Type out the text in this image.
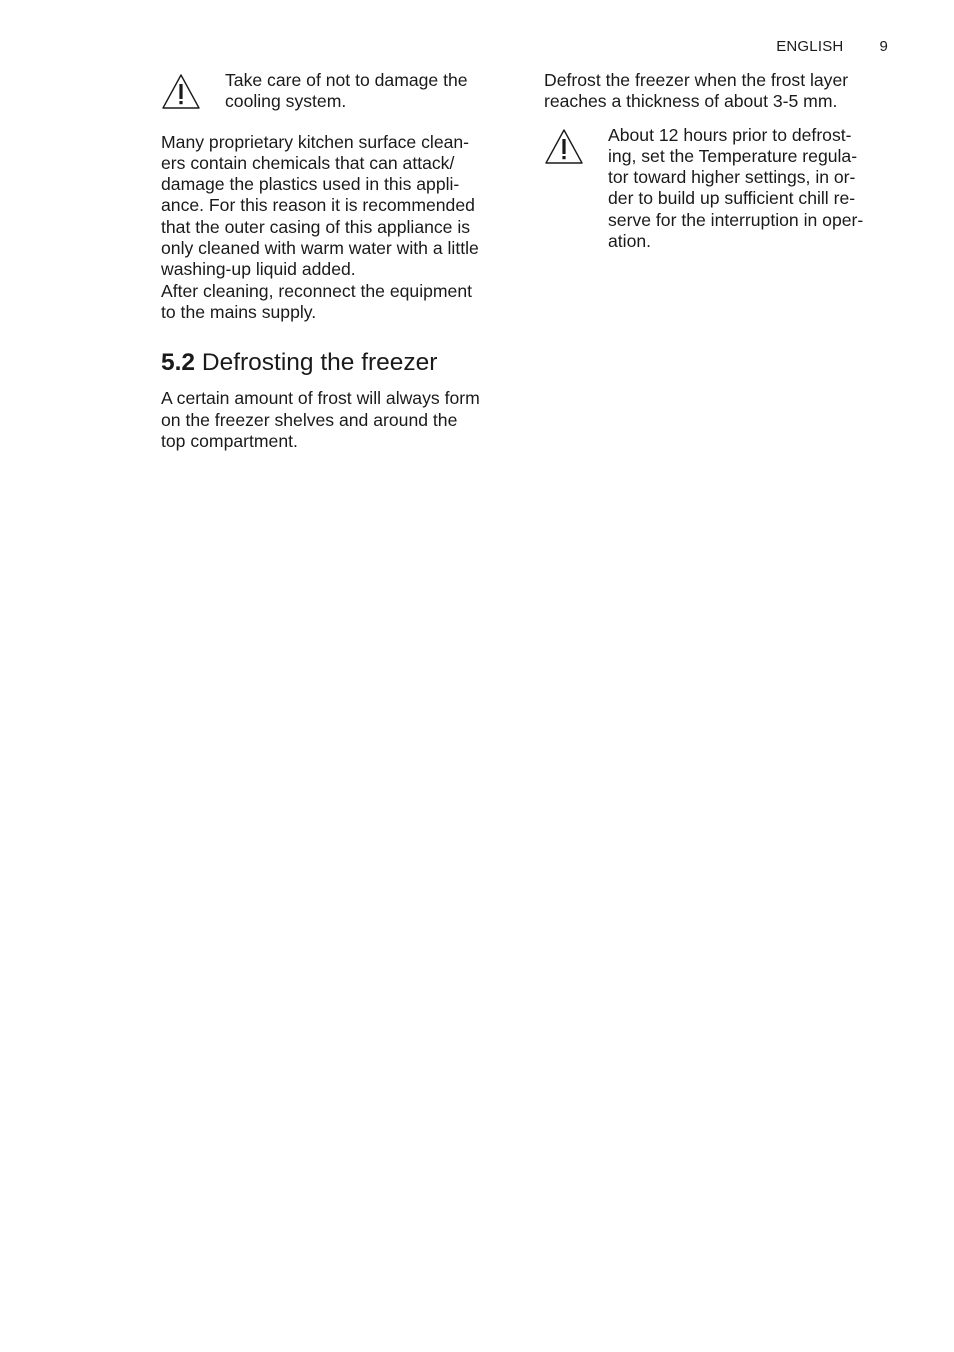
ENGLISH 9

Take care of not to damage the cooling system.

Many proprietary kitchen surface clean-
ers contain chemicals that can attack/
damage the plastics used in this appli-
ance. For this reason it is recommended
that the outer casing of this appliance is
only cleaned with warm water with a little
washing-up liquid added.
After cleaning, reconnect the equipment
to the mains supply.
5.2 Defrosting the freezer
A certain amount of frost will always form
on the freezer shelves and around the
top compartment.
Defrost the freezer when the frost layer
reaches a thickness of about 3-5 mm.
About 12 hours prior to defrost-
ing, set the Temperature regula-
tor toward higher settings, in or-
der to build up sufficient chill re-
serve for the interruption in oper-
ation.
